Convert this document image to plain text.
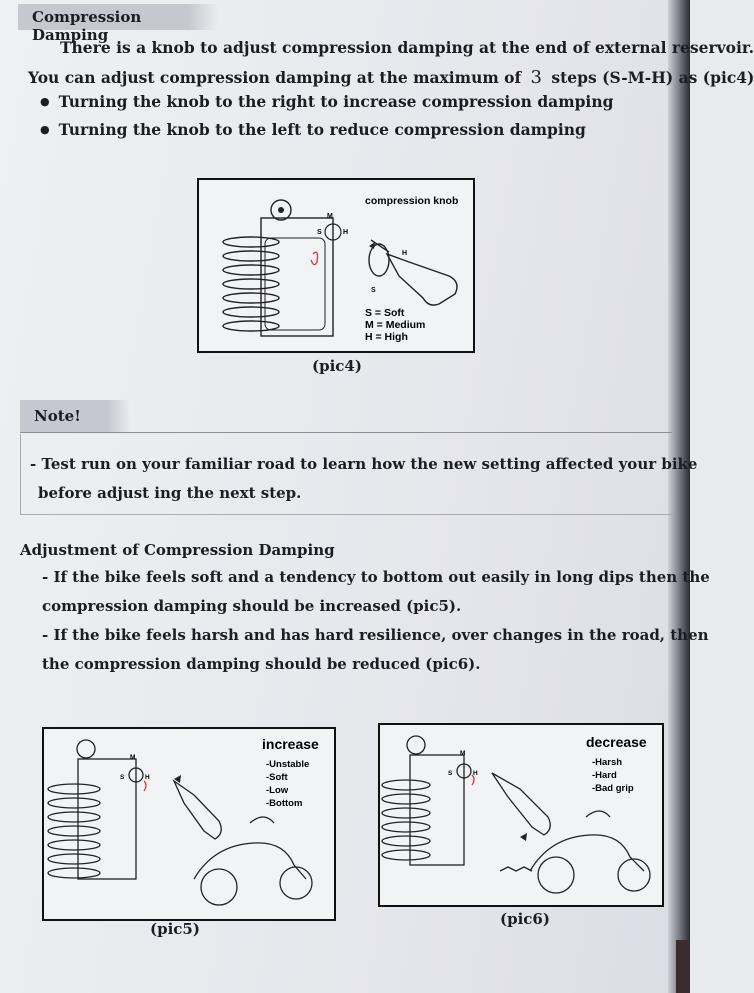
Compression Damping
There is a knob to adjust compression damping at the end of external reservoir.
You can adjust compression damping at the maximum of 3 steps (S-M-H) as (pic4)
● Turning the knob to the right to increase compression damping
● Turning the knob to the left to reduce compression damping
M
S	H
H
S
compression knob
S = Soft
M = Medium
H = High
(pic4)
Note!
- Test run on your familiar road to learn how the new setting affected your bike
before adjust ing the next step.
Adjustment of Compression Damping
- If the bike feels soft and a tendency to bottom out easily in long dips then the
compression damping should be increased (pic5).
- If the bike feels harsh and has hard resilience, over changes in the road, then
the compression damping should be reduced (pic6).
M
S	H
increase
-Unstable
-Soft
-Low
-Bottom
(pic5)
M
S	H
decrease
-Harsh
-Hard
-Bad grip
(pic6)
